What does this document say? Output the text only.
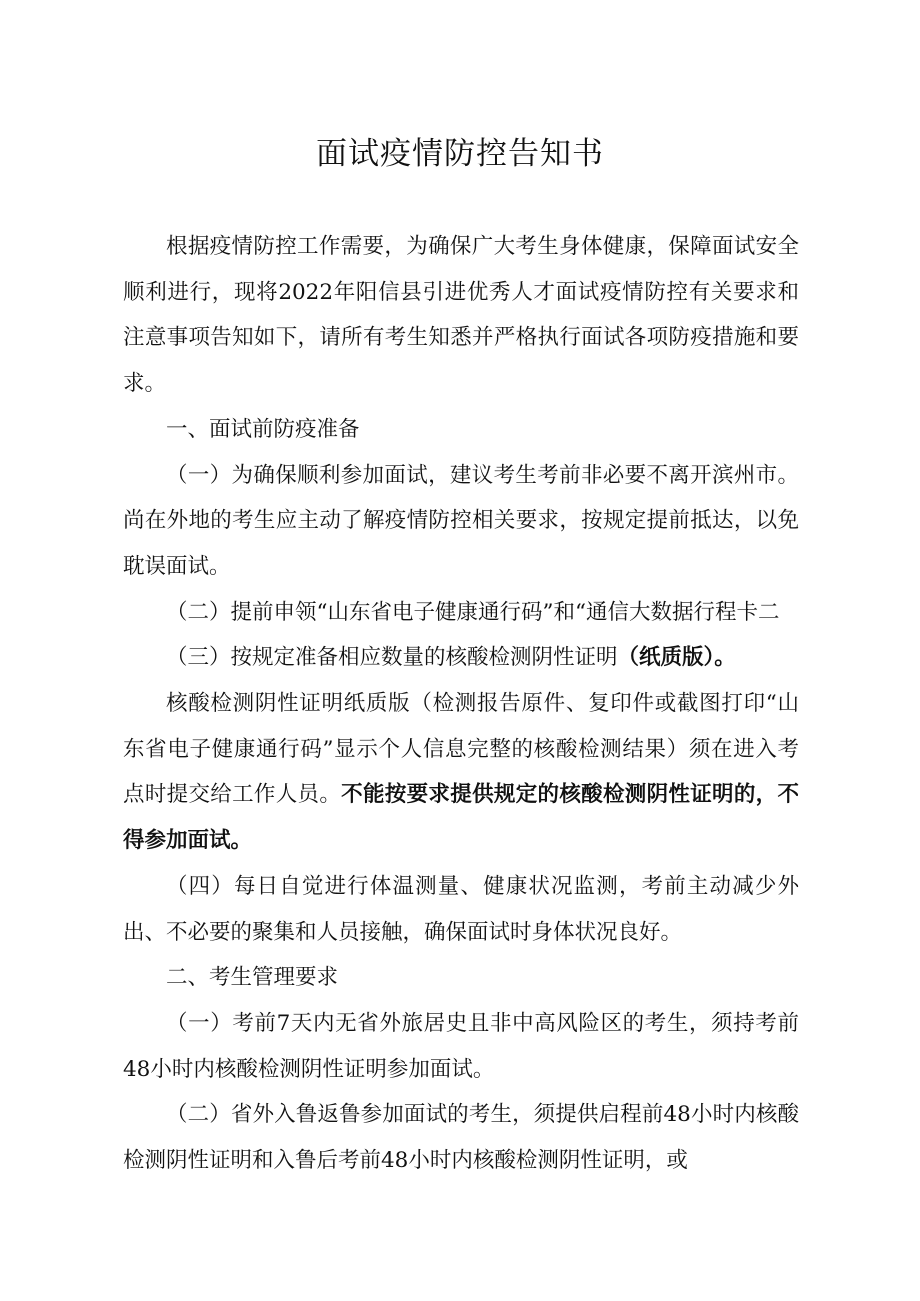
面试疫情防控告知书

根据疫情防控工作需要，为确保广大考生身体健康，保障面试安全顺利进行，现将2022年阳信县引进优秀人才面试疫情防控有关要求和注意事项告知如下，请所有考生知悉并严格执行面试各项防疫措施和要求。

一、面试前防疫准备

（一）为确保顺利参加面试，建议考生考前非必要不离开滨州市。尚在外地的考生应主动了解疫情防控相关要求，按规定提前抵达，以免耽误面试。

（二）提前申领“山东省电子健康通行码”和“通信大数据行程卡二

（三）按规定准备相应数量的核酸检测阴性证明（纸质版）。

核酸检测阴性证明纸质版（检测报告原件、复印件或截图打印“山东省电子健康通行码”显示个人信息完整的核酸检测结果）须在进入考点时提交给工作人员。不能按要求提供规定的核酸检测阴性证明的，不得参加面试。

（四）每日自觉进行体温测量、健康状况监测，考前主动减少外出、不必要的聚集和人员接触，确保面试时身体状况良好。

二、考生管理要求

（一）考前7天内无省外旅居史且非中高风险区的考生，须持考前48小时内核酸检测阴性证明参加面试。

（二）省外入鲁返鲁参加面试的考生，须提供启程前48小时内核酸检测阴性证明和入鲁后考前48小时内核酸检测阴性证明，或
